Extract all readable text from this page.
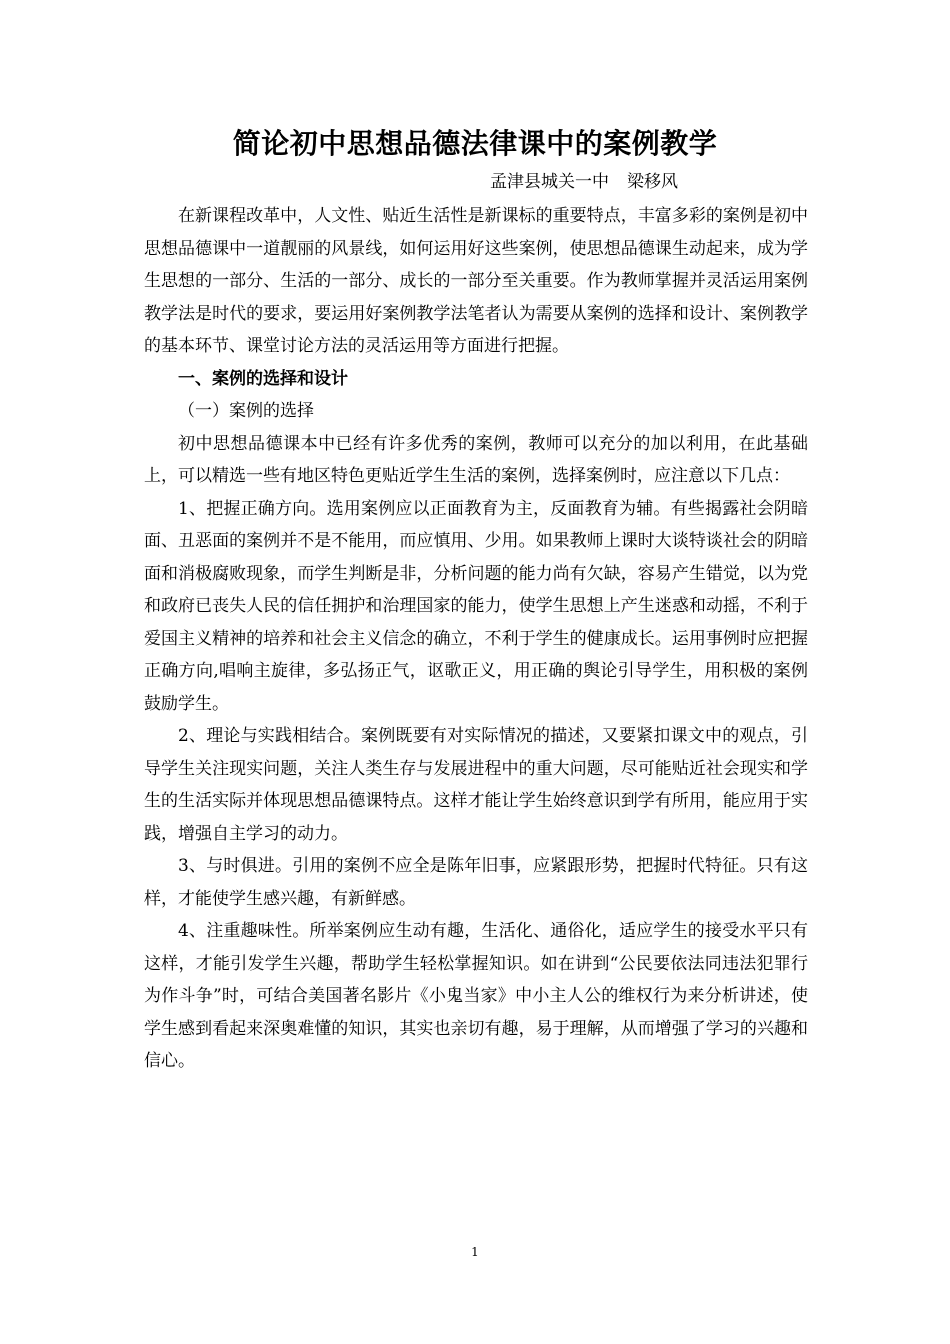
简论初中思想品德法律课中的案例教学
孟津县城关一中 梁移风

在新课程改革中，人文性、贴近生活性是新课标的重要特点，丰富多彩的案例是初中思想品德课中一道靓丽的风景线，如何运用好这些案例，使思想品德课生动起来，成为学生思想的一部分、生活的一部分、成长的一部分至关重要。作为教师掌握并灵活运用案例教学法是时代的要求，要运用好案例教学法笔者认为需要从案例的选择和设计、案例教学的基本环节、课堂讨论方法的灵活运用等方面进行把握。

一、案例的选择和设计

（一）案例的选择

初中思想品德课本中已经有许多优秀的案例，教师可以充分的加以利用，在此基础上，可以精选一些有地区特色更贴近学生生活的案例，选择案例时，应注意以下几点：

1、把握正确方向。选用案例应以正面教育为主，反面教育为辅。有些揭露社会阴暗面、丑恶面的案例并不是不能用，而应慎用、少用。如果教师上课时大谈特谈社会的阴暗面和消极腐败现象，而学生判断是非，分析问题的能力尚有欠缺，容易产生错觉，以为党和政府已丧失人民的信任拥护和治理国家的能力，使学生思想上产生迷惑和动摇，不利于爱国主义精神的培养和社会主义信念的确立，不利于学生的健康成长。运用事例时应把握正确方向,唱响主旋律，多弘扬正气，讴歌正义，用正确的舆论引导学生，用积极的案例鼓励学生。

2、理论与实践相结合。案例既要有对实际情况的描述，又要紧扣课文中的观点，引导学生关注现实问题，关注人类生存与发展进程中的重大问题，尽可能贴近社会现实和学生的生活实际并体现思想品德课特点。这样才能让学生始终意识到学有所用，能应用于实践，增强自主学习的动力。

3、与时俱进。引用的案例不应全是陈年旧事，应紧跟形势，把握时代特征。只有这样，才能使学生感兴趣，有新鲜感。

4、注重趣味性。所举案例应生动有趣，生活化、通俗化，适应学生的接受水平只有这样，才能引发学生兴趣，帮助学生轻松掌握知识。如在讲到“公民要依法同违法犯罪行为作斗争”时，可结合美国著名影片《小鬼当家》中小主人公的维权行为来分析讲述，使学生感到看起来深奥难懂的知识，其实也亲切有趣，易于理解，从而增强了学习的兴趣和信心。

1
